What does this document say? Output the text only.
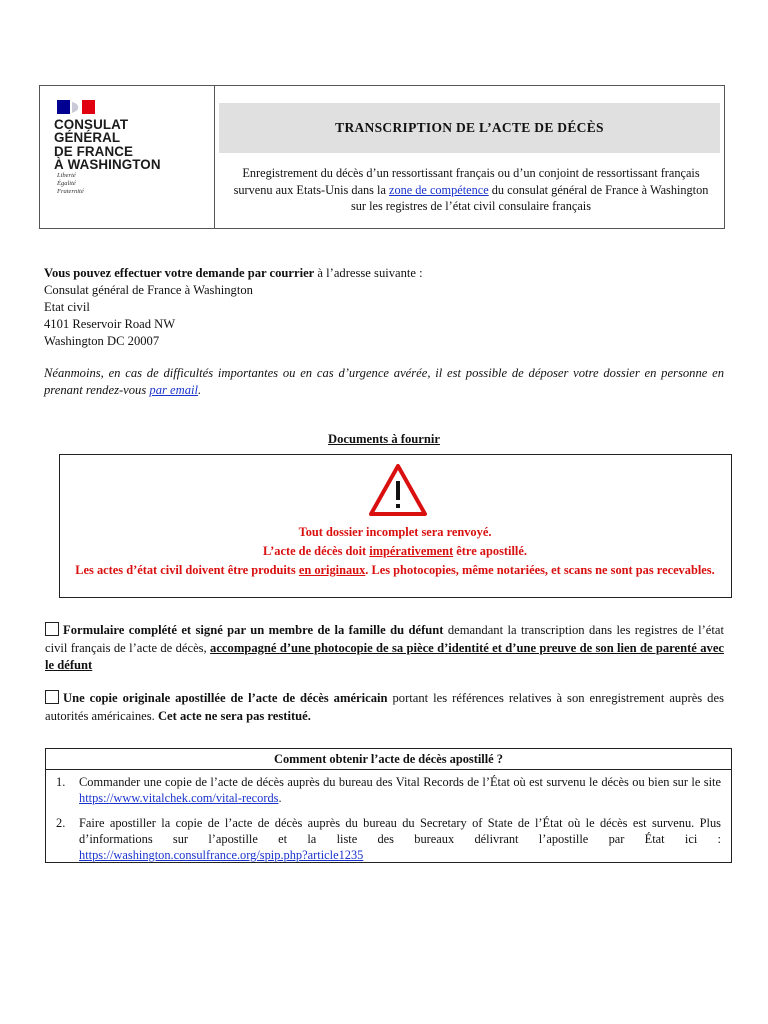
CONSULAT
GÉNÉRAL
DE FRANCE
À WASHINGTON
Liberté
Égalité
Fraternité
TRANSCRIPTION DE L’ACTE DE DÉCÈS
Enregistrement du décès d’un ressortissant français ou d’un conjoint de ressortissant français survenu aux Etats-Unis dans la zone de compétence du consulat général de France à Washington sur les registres de l’état civil consulaire français
Vous pouvez effectuer votre demande par courrier à l’adresse suivante :
Consulat général de France à Washington
Etat civil
4101 Reservoir Road NW
Washington DC 20007
Néanmoins, en cas de difficultés importantes ou en cas d’urgence avérée, il est possible de déposer votre dossier en personne en prenant rendez-vous par email.
Documents à fournir
Tout dossier incomplet sera renvoyé.
L’acte de décès doit impérativement être apostillé.
Les actes d’état civil doivent être produits en originaux. Les photocopies, même notariées, et scans ne sont pas recevables.
Formulaire complété et signé par un membre de la famille du défunt demandant la transcription dans les registres de l’état civil français de l’acte de décès, accompagné d’une photocopie de sa pièce d’identité et d’une preuve de son lien de parenté avec le défunt
Une copie originale apostillée de l’acte de décès américain portant les références relatives à son enregistrement auprès des autorités américaines. Cet acte ne sera pas restitué.
Comment obtenir l’acte de décès apostillé ?
1.	Commander une copie de l’acte de décès auprès du bureau des Vital Records de l’État où est survenu le décès ou bien sur le site https://www.vitalchek.com/vital-records.
2.	Faire apostiller la copie de l’acte de décès auprès du bureau du Secretary of State de l’État où le décès est survenu. Plus d’informations sur l’apostille et la liste des bureaux délivrant l’apostille par État ici : https://washington.consulfrance.org/spip.php?article1235
